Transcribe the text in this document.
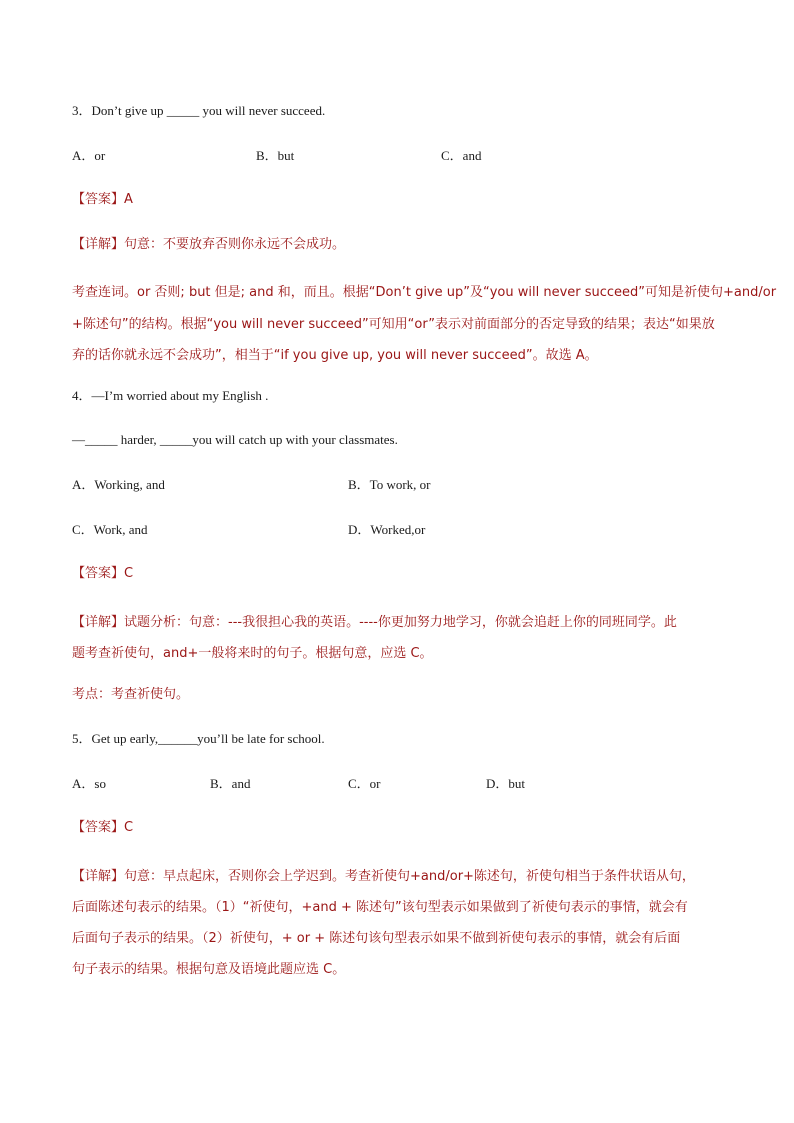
3．Don’t give up _____ you will never succeed.
A．or	B．but	C．and
【答案】A
【详解】句意：不要放弃否则你永远不会成功。
考查连词。or 否则; but 但是; and 和，而且。根据“Don’t give up”及“you will never succeed”可知是祈使句+and/or
+陈述句”的结构。根据“you will never succeed”可知用“or”表示对前面部分的否定导致的结果；表达“如果放
弃的话你就永远不会成功”，相当于“if you give up, you will never succeed”。故选 A。
4．—I’m worried about my English .
—_____ harder, _____you will catch up with your classmates.
A．Working, and	B．To work, or
C．Work, and	D．Worked,or
【答案】C
【详解】试题分析：句意：---我很担心我的英语。----你更加努力地学习，你就会追赶上你的同班同学。此
题考查祈使句，and+一般将来时的句子。根据句意，应选 C。
考点：考查祈使句。
5．Get up early,______you’ll be late for school.
A．so	B．and	C．or	D．but
【答案】C
【详解】句意：早点起床，否则你会上学迟到。考查祈使句+and/or+陈述句，祈使句相当于条件状语从句，
后面陈述句表示的结果。（1）“祈使句，+and + 陈述句”该句型表示如果做到了祈使句表示的事情，就会有
后面句子表示的结果。（2）祈使句，+ or + 陈述句该句型表示如果不做到祈使句表示的事情，就会有后面
句子表示的结果。根据句意及语境此题应选 C。
